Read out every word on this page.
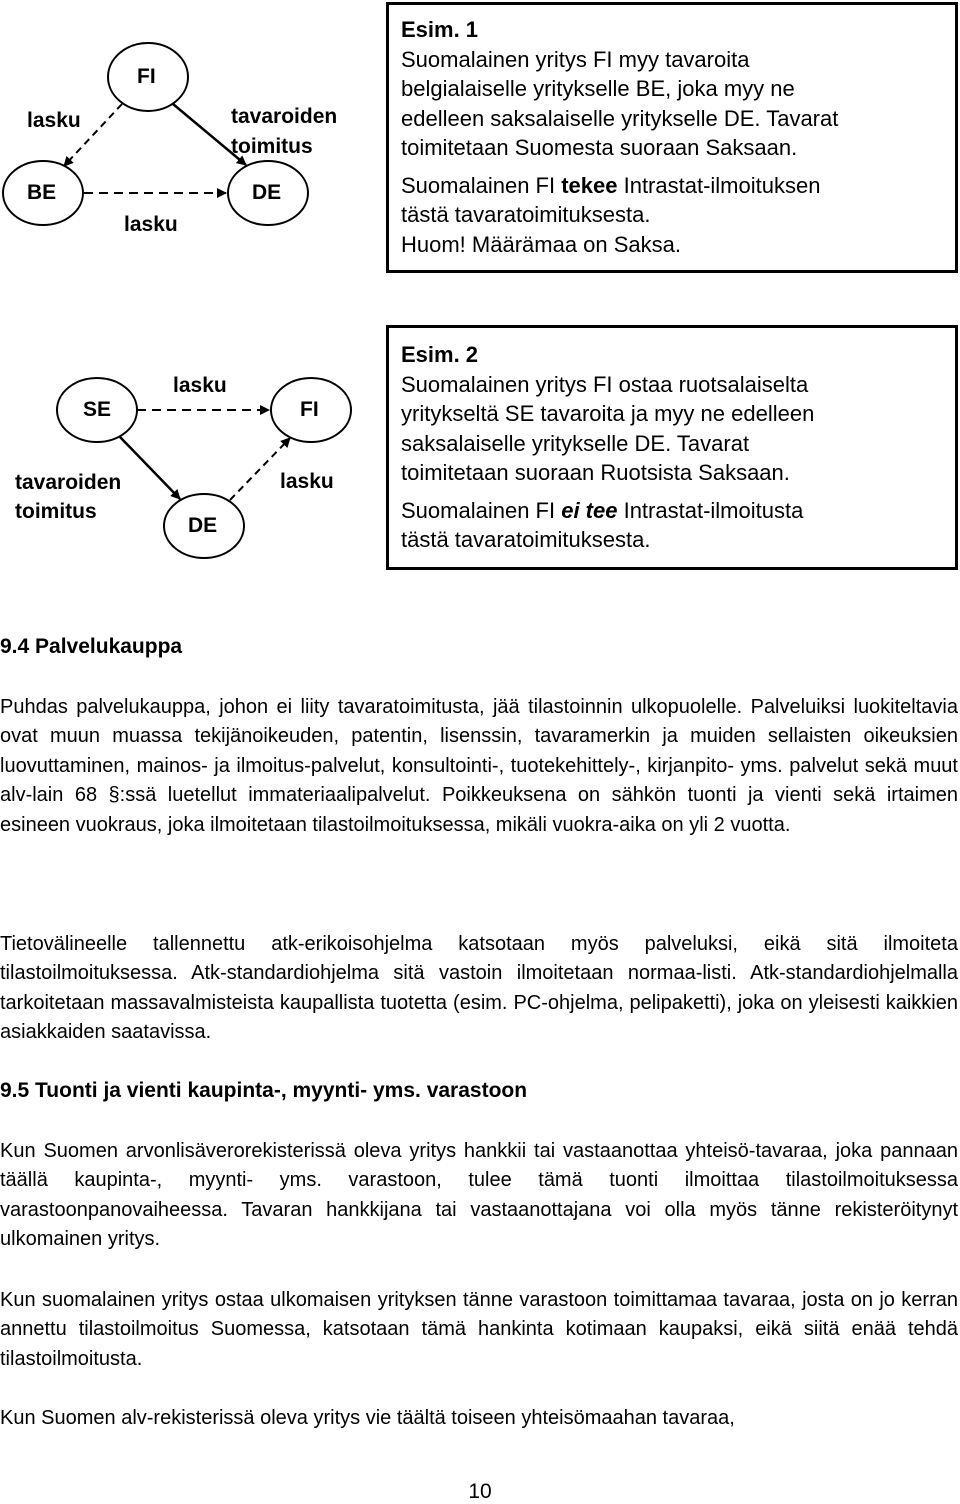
FI
BE	DE
lasku
lasku
tavaroiden
toimitus

Esim. 1

Suomalainen yritys FI myy tavaroita

belgialaiselle yritykselle BE, joka myy ne

edelleen saksalaiselle yritykselle DE. Tavarat

toimitetaan Suomesta suoraan Saksaan.

Suomalainen FI tekee Intrastat-ilmoituksen

tästä tavaratoimituksesta.

Huom! Määrämaa on Saksa.

SE	FI
DE
lasku
lasku
tavaroiden
toimitus

Esim. 2

Suomalainen yritys FI ostaa ruotsalaiselta

yritykseltä SE tavaroita ja myy ne edelleen

saksalaiselle yritykselle DE. Tavarat

toimitetaan suoraan Ruotsista Saksaan.

Suomalainen FI ei tee Intrastat-ilmoitusta

tästä tavaratoimituksesta.

9.4 Palvelukauppa

Puhdas palvelukauppa, johon ei liity tavaratoimitusta, jää tilastoinnin ulkopuolelle. Palveluiksi luokiteltavia ovat muun muassa tekijänoikeuden, patentin, lisenssin, tavaramerkin ja muiden sellaisten oikeuksien luovuttaminen, mainos- ja ilmoitus-palvelut, konsultointi-, tuotekehittely-, kirjanpito- yms. palvelut sekä muut alv-lain 68 §:ssä luetellut immateriaalipalvelut. Poikkeuksena on sähkön tuonti ja vienti sekä irtaimen esineen vuokraus, joka ilmoitetaan tilastoilmoituksessa, mikäli vuokra-aika on yli 2 vuotta.

Tietovälineelle tallennettu atk-erikoisohjelma katsotaan myös palveluksi, eikä sitä ilmoiteta tilastoilmoituksessa. Atk-standardiohjelma sitä vastoin ilmoitetaan normaa-listi. Atk-standardiohjelmalla tarkoitetaan massavalmisteista kaupallista tuotetta (esim. PC-ohjelma, pelipaketti), joka on yleisesti kaikkien asiakkaiden saatavissa.

9.5 Tuonti ja vienti kaupinta-, myynti- yms. varastoon

Kun Suomen arvonlisäverorekisterissä oleva yritys hankkii tai vastaanottaa yhteisö-tavaraa, joka pannaan täällä kaupinta-, myynti- yms. varastoon, tulee tämä tuonti ilmoittaa tilastoilmoituksessa varastoonpanovaiheessa. Tavaran hankkijana tai vastaanottajana voi olla myös tänne rekisteröitynyt ulkomainen yritys.

Kun suomalainen yritys ostaa ulkomaisen yrityksen tänne varastoon toimittamaa tavaraa, josta on jo kerran annettu tilastoilmoitus Suomessa, katsotaan tämä hankinta kotimaan kaupaksi, eikä siitä enää tehdä tilastoilmoitusta.

Kun Suomen alv-rekisterissä oleva yritys vie täältä toiseen yhteisömaahan tavaraa,

10
